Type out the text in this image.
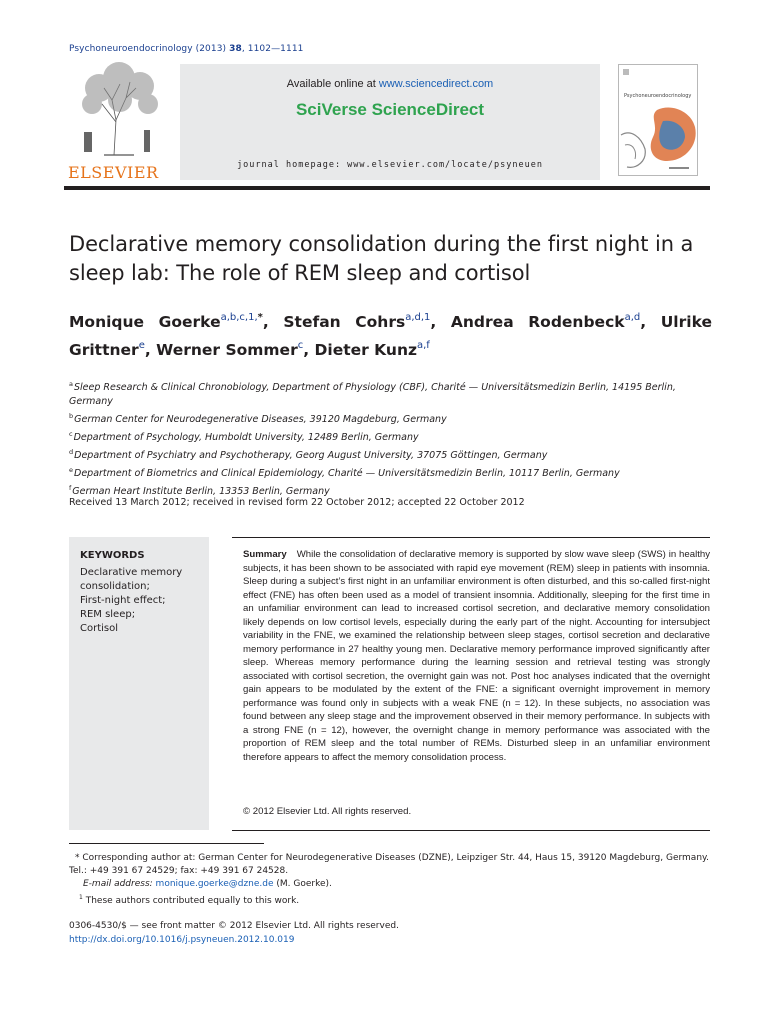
Psychoneuroendocrinology (2013) 38, 1102—1111
ELSEVIER
Available online at www.sciencedirect.com
SciVerse ScienceDirect
journal homepage: www.elsevier.com/locate/psyneuen
Psychoneuroendocrinology
Declarative memory consolidation during the first night in a sleep lab: The role of REM sleep and cortisol
Monique Goerke$^{a,b,c,1,*}$, Stefan Cohrs$^{a,d,1}$, Andrea Rodenbeck$^{a,d}$, Ulrike Grittner$^e$, Werner Sommer$^c$, Dieter Kunz$^{a,f}$
$^a$Sleep Research & Clinical Chronobiology, Department of Physiology (CBF), Charité — Universitätsmedizin Berlin, 14195 Berlin, Germany
$^b$German Center for Neurodegenerative Diseases, 39120 Magdeburg, Germany
$^c$Department of Psychology, Humboldt University, 12489 Berlin, Germany
$^d$Department of Psychiatry and Psychotherapy, Georg August University, 37075 Göttingen, Germany
$^e$Department of Biometrics and Clinical Epidemiology, Charité — Universitätsmedizin Berlin, 10117 Berlin, Germany
$^f$German Heart Institute Berlin, 13353 Berlin, Germany
Received 13 March 2012; received in revised form 22 October 2012; accepted 22 October 2012
KEYWORDS
Declarative memory
consolidation;
First-night effect;
REM sleep;
Cortisol
Summary While the consolidation of declarative memory is supported by slow wave sleep (SWS) in healthy subjects, it has been shown to be associated with rapid eye movement (REM) sleep in patients with insomnia. Sleep during a subject’s first night in an unfamiliar environment is often disturbed, and this so-called first-night effect (FNE) has often been used as a model of transient insomnia. Additionally, sleeping for the first time in an unfamiliar environment can lead to increased cortisol secretion, and declarative memory consolidation likely depends on low cortisol levels, especially during the early part of the night. Accounting for intersubject variability in the FNE, we examined the relationship between sleep stages, cortisol secretion and declarative memory performance in 27 healthy young men. Declarative memory performance improved significantly after sleep. Whereas memory performance during the learning session and retrieval testing was strongly associated with cortisol secretion, the overnight gain was not. Post hoc analyses indicated that the overnight gain appears to be modulated by the extent of the FNE: a significant overnight improvement in memory performance was found only in subjects with a weak FNE (n = 12). In these subjects, no association was found between any sleep stage and the improvement observed in their memory performance. In subjects with a strong FNE (n = 12), however, the overnight change in memory performance was associated with the proportion of REM sleep and the total number of REMs. Disturbed sleep in an unfamiliar environment therefore appears to affect the memory consolidation process.
© 2012 Elsevier Ltd. All rights reserved.
* Corresponding author at: German Center for Neurodegenerative Diseases (DZNE), Leipziger Str. 44, Haus 15, 39120 Magdeburg, Germany. Tel.: +49 391 67 24529; fax: +49 391 67 24528.
E-mail address: monique.goerke@dzne.de (M. Goerke).
$^1$ These authors contributed equally to this work.
0306-4530/$ — see front matter © 2012 Elsevier Ltd. All rights reserved.
http://dx.doi.org/10.1016/j.psyneuen.2012.10.019
